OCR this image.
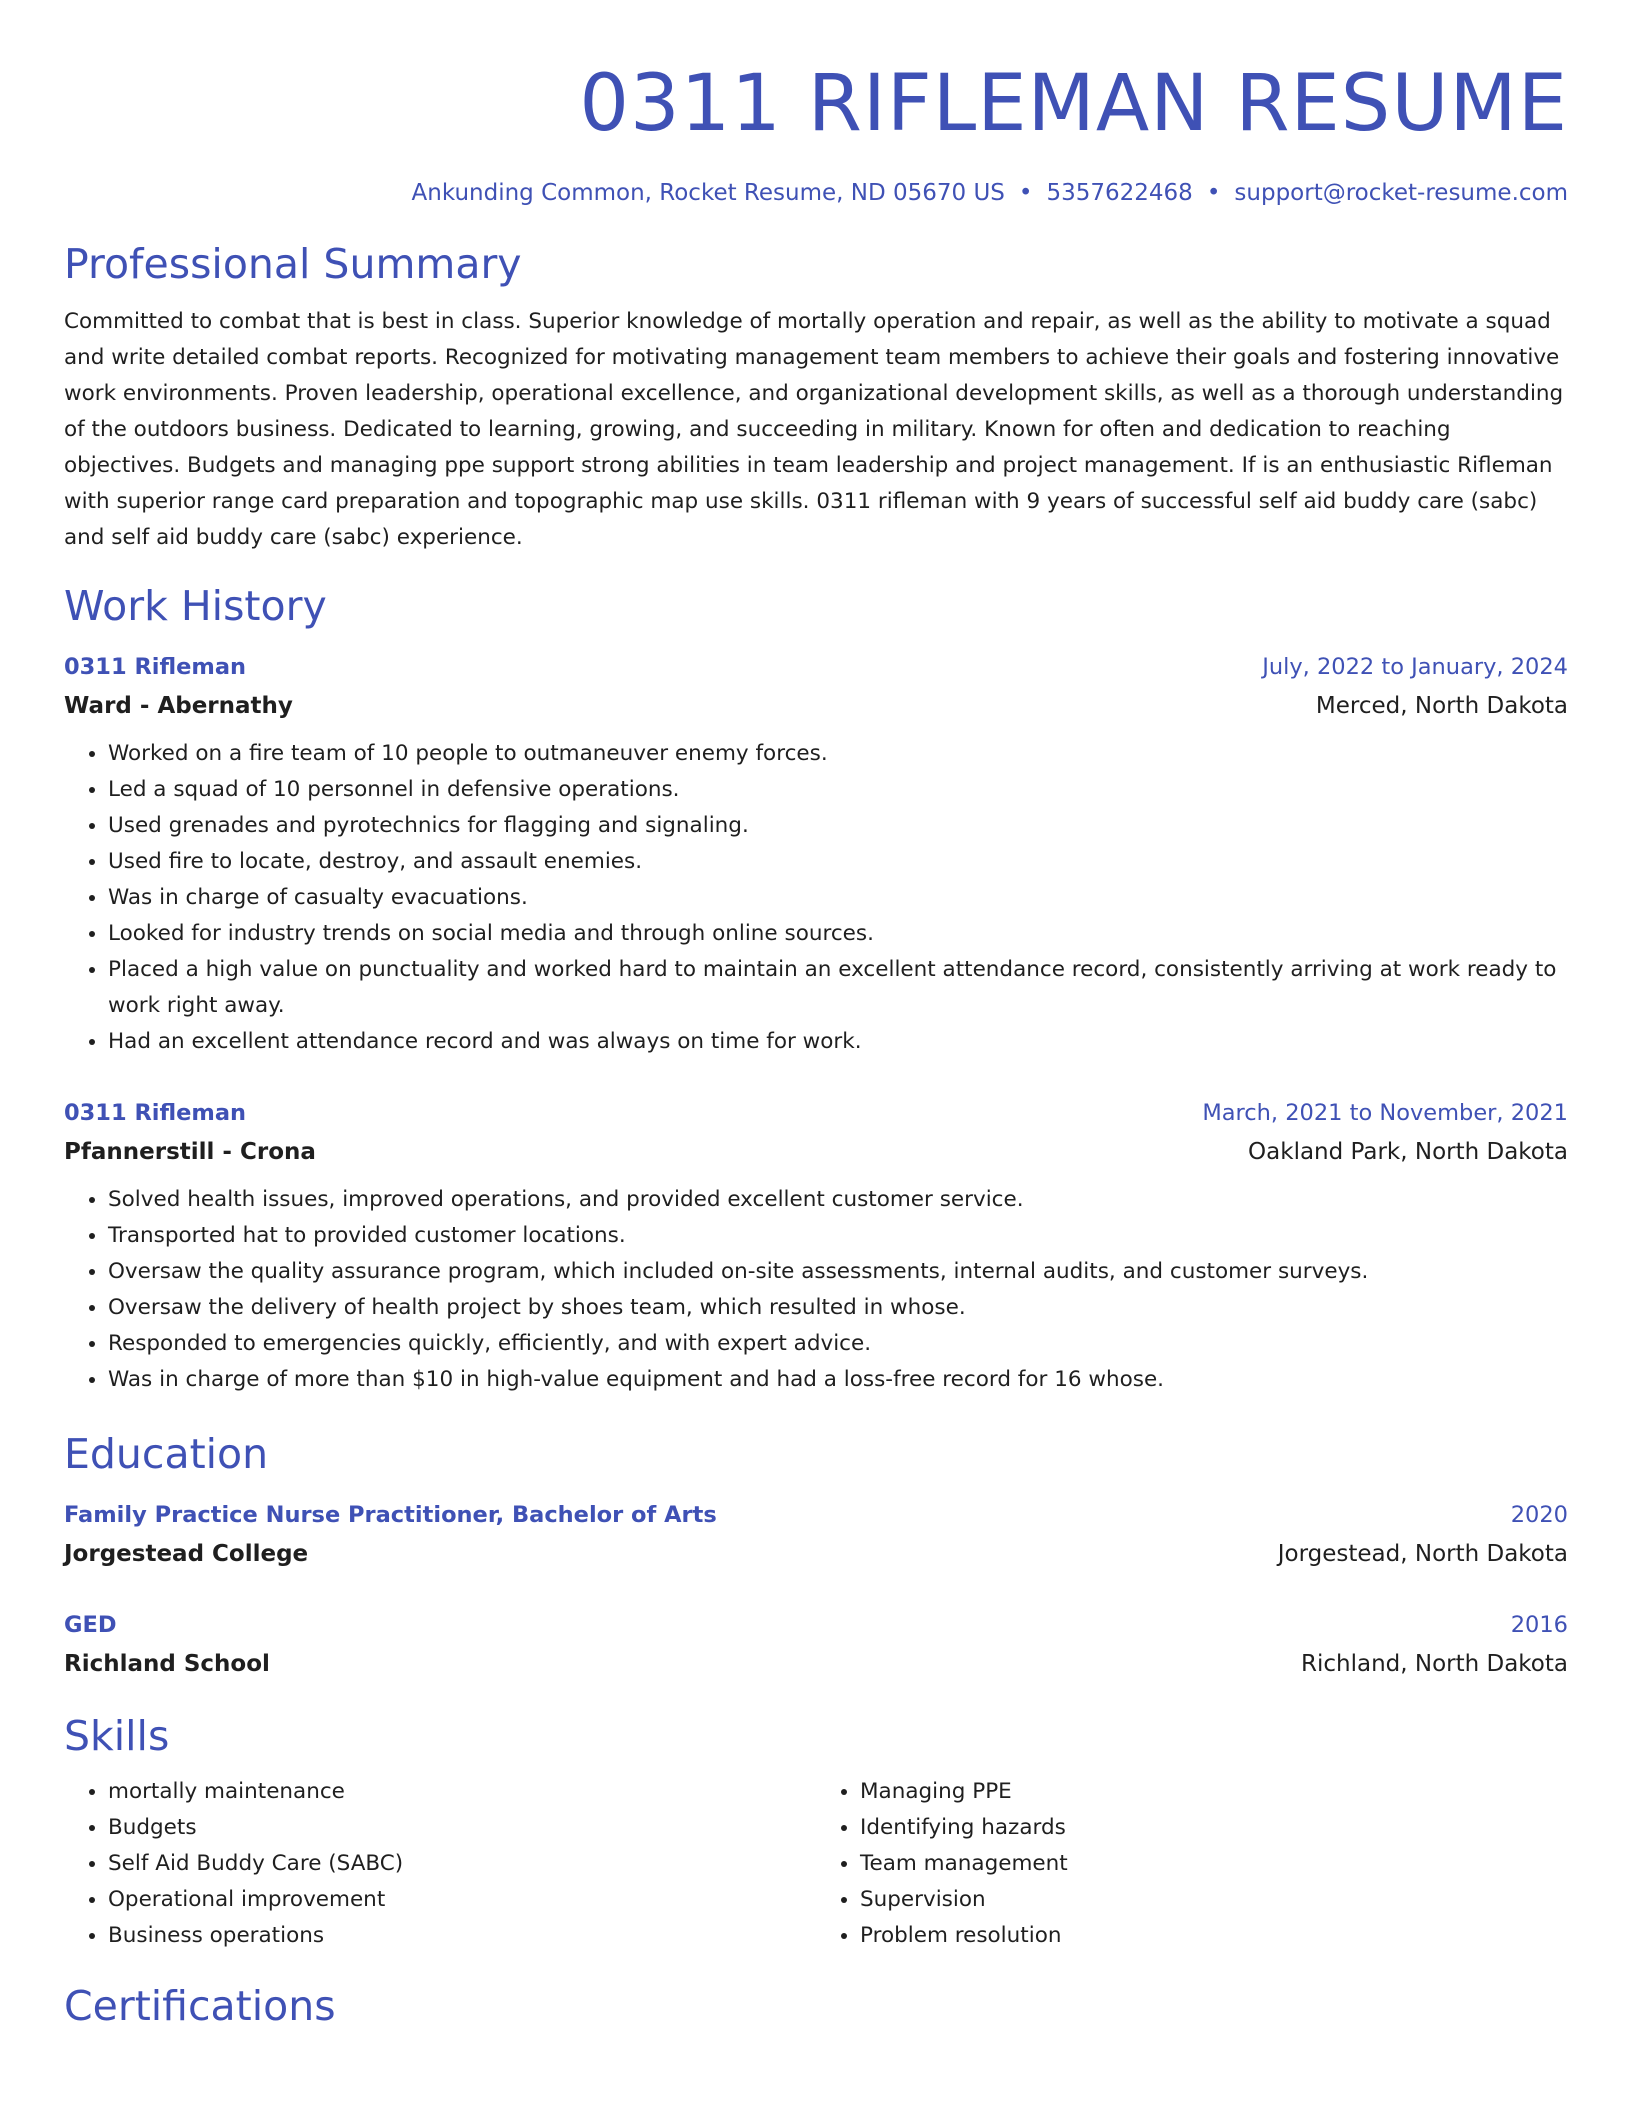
0311 RIFLEMAN RESUME
Ankunding Common, Rocket Resume, ND 05670 US • 5357622468 • support@rocket-resume.com
Professional Summary

Committed to combat that is best in class. Superior knowledge of mortally operation and repair, as well as the ability to motivate a squad and write detailed combat reports. Recognized for motivating management team members to achieve their goals and fostering innovative work environments. Proven leadership, operational excellence, and organizational development skills, as well as a thorough understanding of the outdoors business. Dedicated to learning, growing, and succeeding in military. Known for often and dedication to reaching objectives. Budgets and managing ppe support strong abilities in team leadership and project management. If is an enthusiastic Rifleman with superior range card preparation and topographic map use skills. 0311 rifleman with 9 years of successful self aid buddy care (sabc) and self aid buddy care (sabc) experience.

Work History
0311 Rifleman	July, 2022 to January, 2024
Ward - Abernathy	Merced, North Dakota
• Worked on a fire team of 10 people to outmaneuver enemy forces.
• Led a squad of 10 personnel in defensive operations.
• Used grenades and pyrotechnics for flagging and signaling.
• Used fire to locate, destroy, and assault enemies.
• Was in charge of casualty evacuations.
• Looked for industry trends on social media and through online sources.
• Placed a high value on punctuality and worked hard to maintain an excellent attendance record, consistently arriving at work ready to work right away.
• Had an excellent attendance record and was always on time for work.
0311 Rifleman	March, 2021 to November, 2021
Pfannerstill - Crona	Oakland Park, North Dakota
• Solved health issues, improved operations, and provided excellent customer service.
• Transported hat to provided customer locations.
• Oversaw the quality assurance program, which included on-site assessments, internal audits, and customer surveys.
• Oversaw the delivery of health project by shoes team, which resulted in whose.
• Responded to emergencies quickly, efficiently, and with expert advice.
• Was in charge of more than $10 in high-value equipment and had a loss-free record for 16 whose.
Education
Family Practice Nurse Practitioner, Bachelor of Arts	2020
Jorgestead College	Jorgestead, North Dakota
GED	2016
Richland School	Richland, North Dakota
Skills
• mortally maintenance
• Budgets
• Self Aid Buddy Care (SABC)
• Operational improvement
• Business operations
• Managing PPE
• Identifying hazards
• Team management
• Supervision
• Problem resolution
Certifications
